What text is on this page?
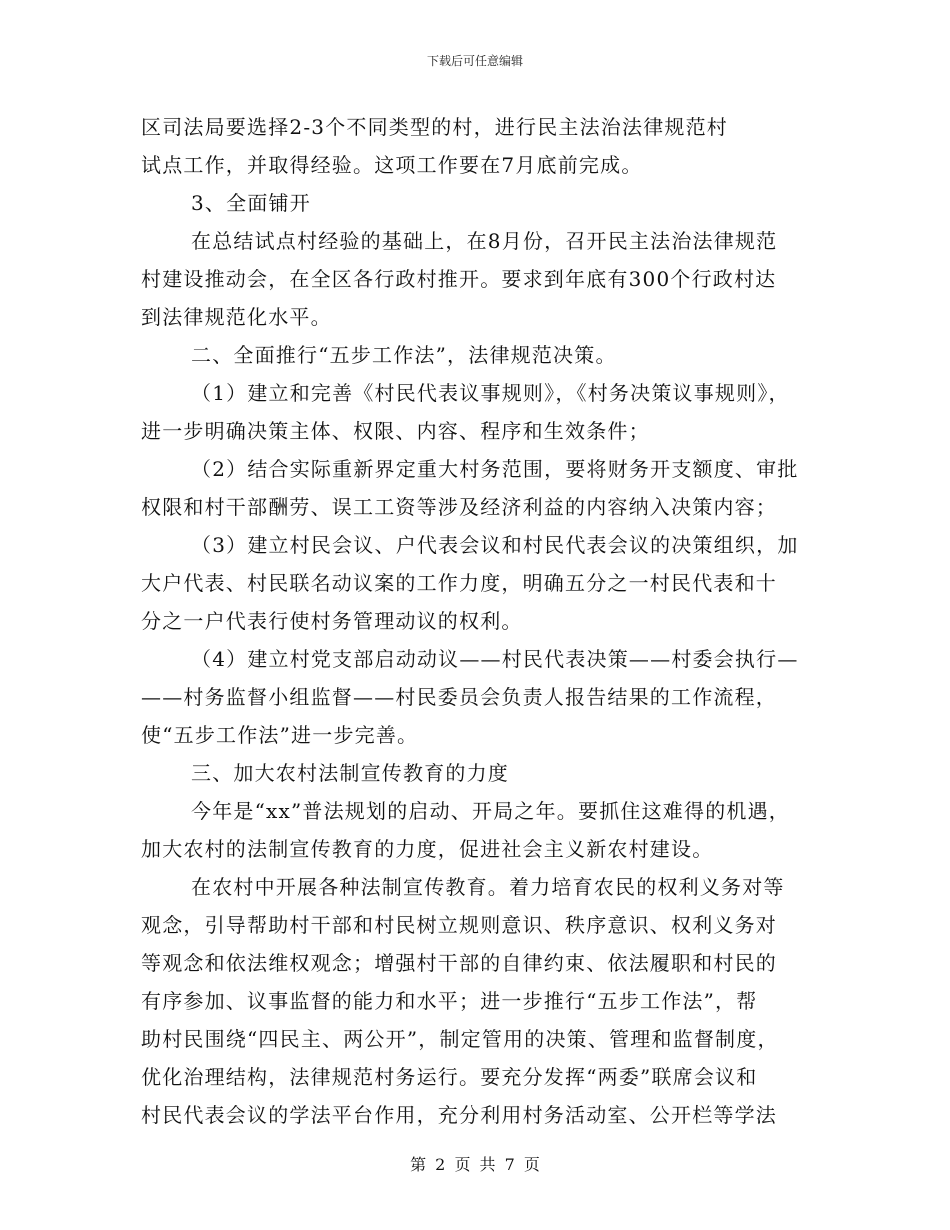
下载后可任意编辑

区司法局要选择2-3个不同类型的村，进行民主法治法律规范村
试点工作，并取得经验。这项工作要在7月底前完成。

3、全面铺开

在总结试点村经验的基础上，在8月份，召开民主法治法律规范
村建设推动会，在全区各行政村推开。要求到年底有300个行政村达
到法律规范化水平。

二、全面推行“五步工作法”，法律规范决策。

（1）建立和完善《村民代表议事规则》，《村务决策议事规则》，
进一步明确决策主体、权限、内容、程序和生效条件；

（2）结合实际重新界定重大村务范围，要将财务开支额度、审批
权限和村干部酬劳、误工工资等涉及经济利益的内容纳入决策内容；

（3）建立村民会议、户代表会议和村民代表会议的决策组织，加
大户代表、村民联名动议案的工作力度，明确五分之一村民代表和十
分之一户代表行使村务管理动议的权利。

（4）建立村党支部启动动议——村民代表决策——村委会执行—
——村务监督小组监督——村民委员会负责人报告结果的工作流程，
使“五步工作法”进一步完善。

三、加大农村法制宣传教育的力度

今年是“xx”普法规划的启动、开局之年。要抓住这难得的机遇，
加大农村的法制宣传教育的力度，促进社会主义新农村建设。

在农村中开展各种法制宣传教育。着力培育农民的权利义务对等
观念，引导帮助村干部和村民树立规则意识、秩序意识、权利义务对
等观念和依法维权观念；增强村干部的自律约束、依法履职和村民的
有序参加、议事监督的能力和水平；进一步推行“五步工作法”，帮
助村民围绕“四民主、两公开”，制定管用的决策、管理和监督制度，
优化治理结构，法律规范村务运行。要充分发挥“两委”联席会议和
村民代表会议的学法平台作用，充分利用村务活动室、公开栏等学法

第 2 页 共 7 页
